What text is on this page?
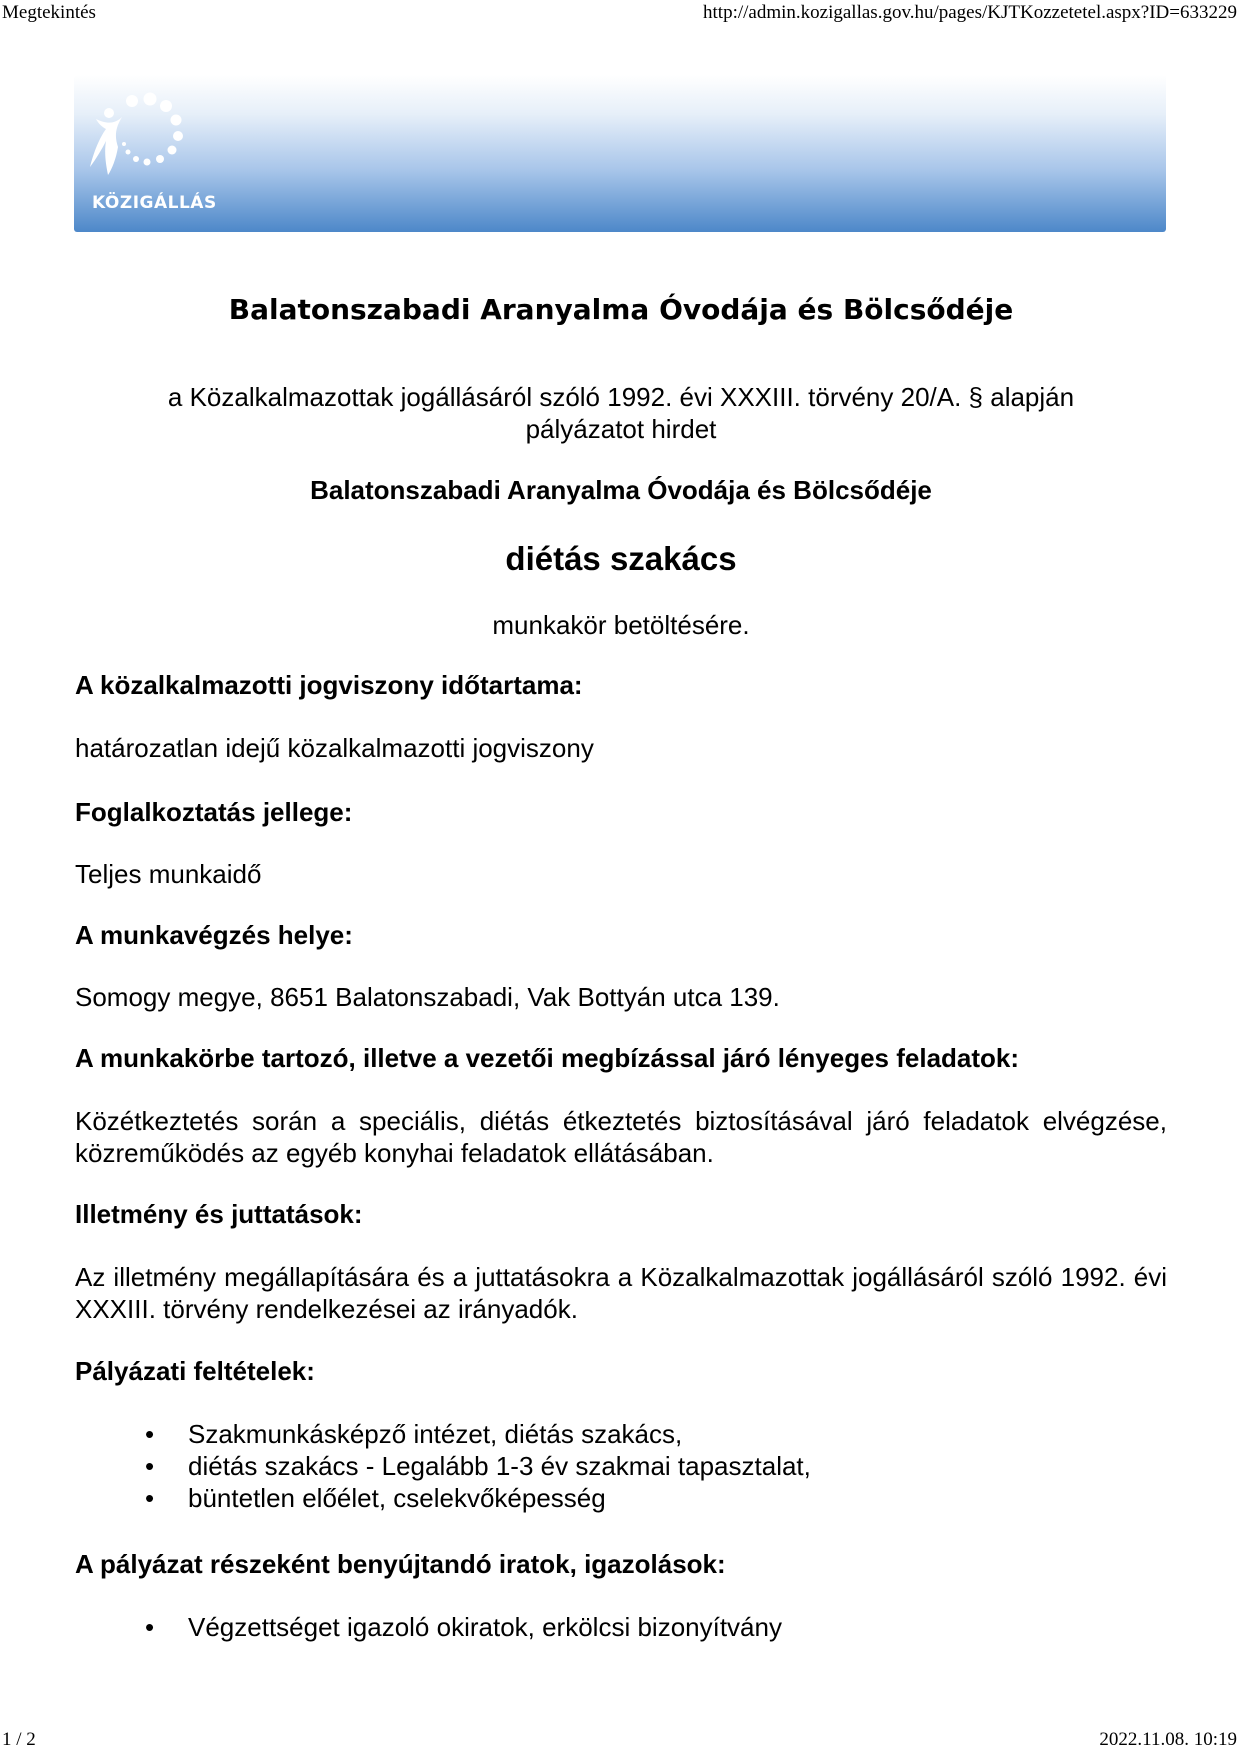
Megtekintés	http://admin.kozigallas.gov.hu/pages/KJTKozzetetel.aspx?ID=633229
KÖZIGÁLLÁS
Balatonszabadi Aranyalma Óvodája és Bölcsődéje
a Közalkalmazottak jogállásáról szóló 1992. évi XXXIII. törvény 20/A. § alapján
pályázatot hirdet
Balatonszabadi Aranyalma Óvodája és Bölcsődéje
diétás szakács
munkakör betöltésére.
A közalkalmazotti jogviszony időtartama:
határozatlan idejű közalkalmazotti jogviszony
Foglalkoztatás jellege:
Teljes munkaidő
A munkavégzés helye:
Somogy megye, 8651 Balatonszabadi, Vak Bottyán utca 139.
A munkakörbe tartozó, illetve a vezetői megbízással járó lényeges feladatok:
Közétkeztetés során a speciális, diétás étkeztetés biztosításával járó feladatok elvégzése, közreműködés az egyéb konyhai feladatok ellátásában.
Illetmény és juttatások:
Az illetmény megállapítására és a juttatásokra a Közalkalmazottak jogállásáról szóló 1992. évi XXXIII. törvény rendelkezései az irányadók.
Pályázati feltételek:
• Szakmunkásképző intézet, diétás szakács,
• diétás szakács - Legalább 1-3 év szakmai tapasztalat,
• büntetlen előélet, cselekvőképesség
A pályázat részeként benyújtandó iratok, igazolások:
• Végzettséget igazoló okiratok, erkölcsi bizonyítvány
1 / 2	2022.11.08. 10:19
